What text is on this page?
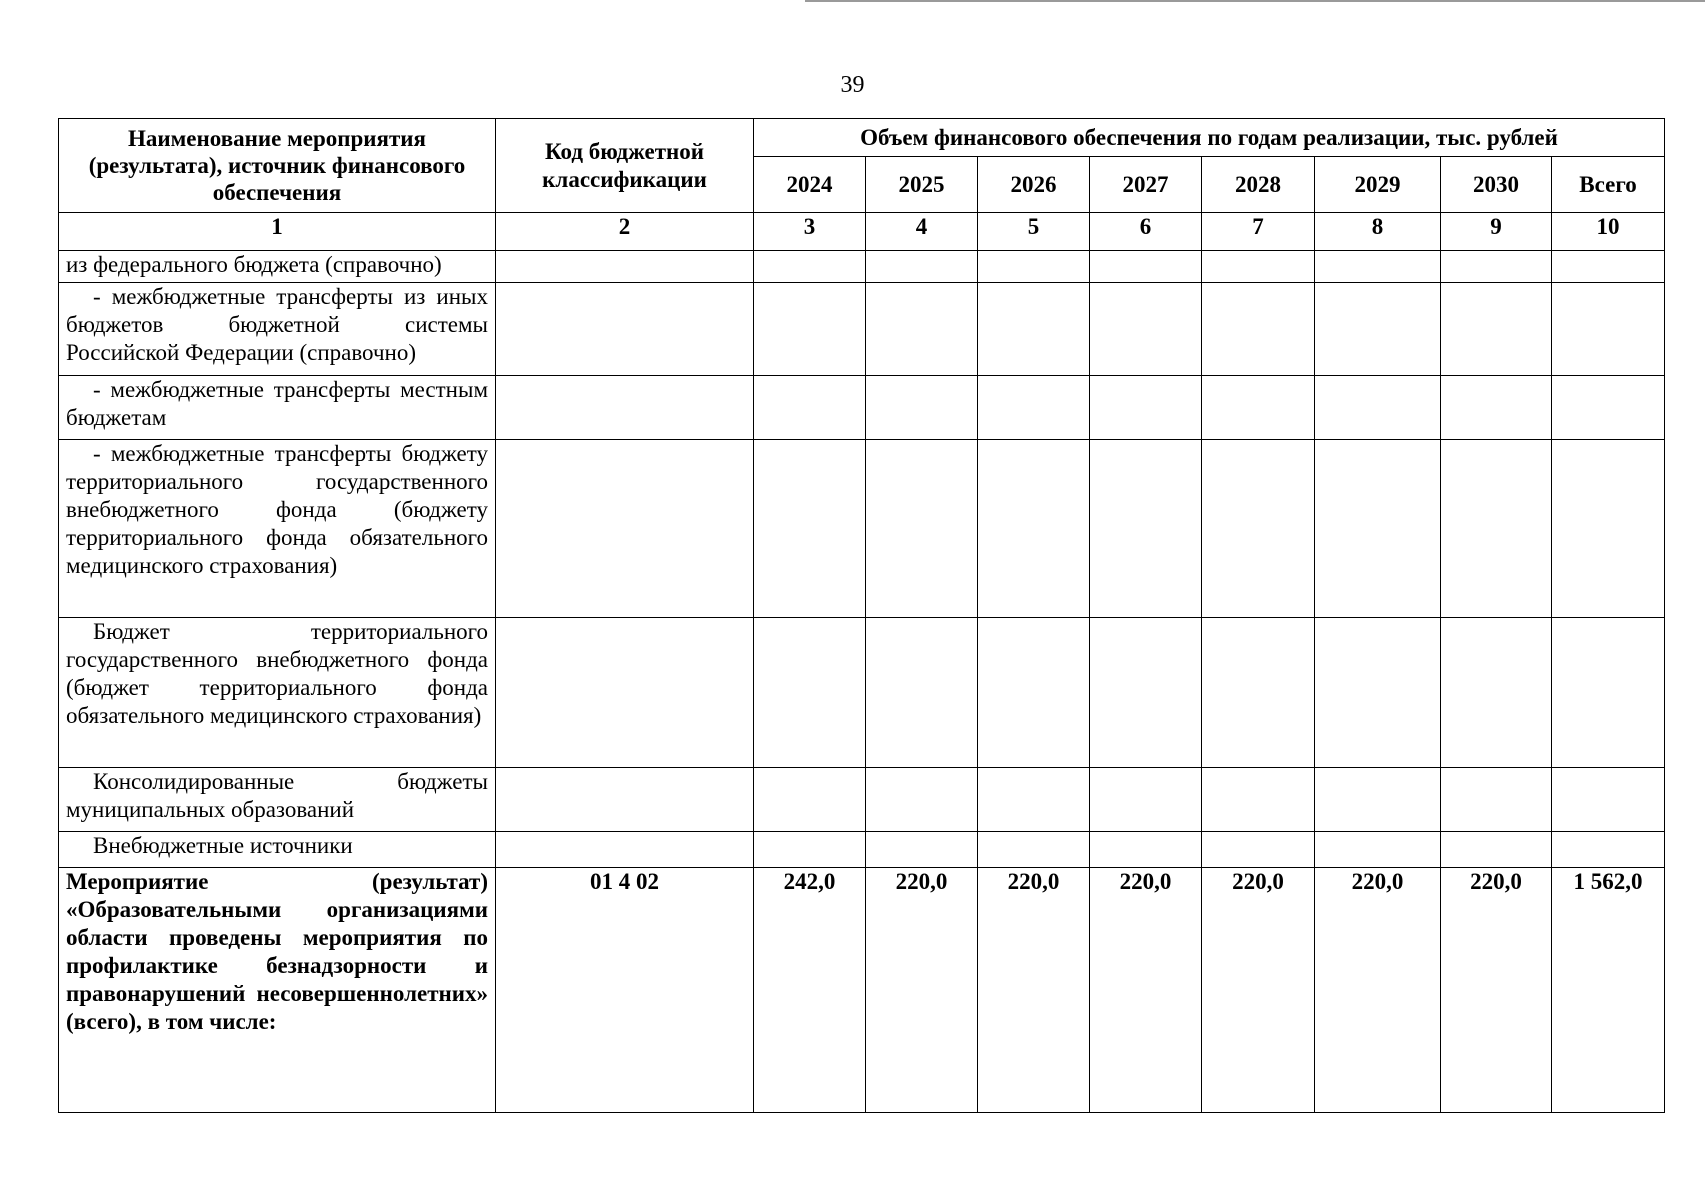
39
Наименование мероприятия (результата), источник финансового обеспечения	Код бюджетной классификации	Объем финансового обеспечения по годам реализации, тыс. рублей							
		2024	2025	2026	2027	2028	2029	2030	Всего
1	2	3	4	5	6	7	8	9	10
из федерального бюджета (справочно)									
- межбюджетные трансферты из иных бюджетов бюджетной системы Российской Федерации (справочно)									
- межбюджетные трансферты местным бюджетам									
- межбюджетные трансферты бюджету территориального государственного внебюджетного фонда (бюджету территориального фонда обязательного медицинского страхования)									
Бюджет территориального государственного внебюджетного фонда (бюджет территориального фонда обязательного медицинского страхования)									
Консолидированные бюджеты муниципальных образований									
Внебюджетные источники									
Мероприятие (результат) «Образовательными организациями области проведены мероприятия по профилактике безнадзорности и правонарушений несовершеннолетних» (всего), в том числе:	01 4 02	242,0	220,0	220,0	220,0	220,0	220,0	220,0	1 562,0
